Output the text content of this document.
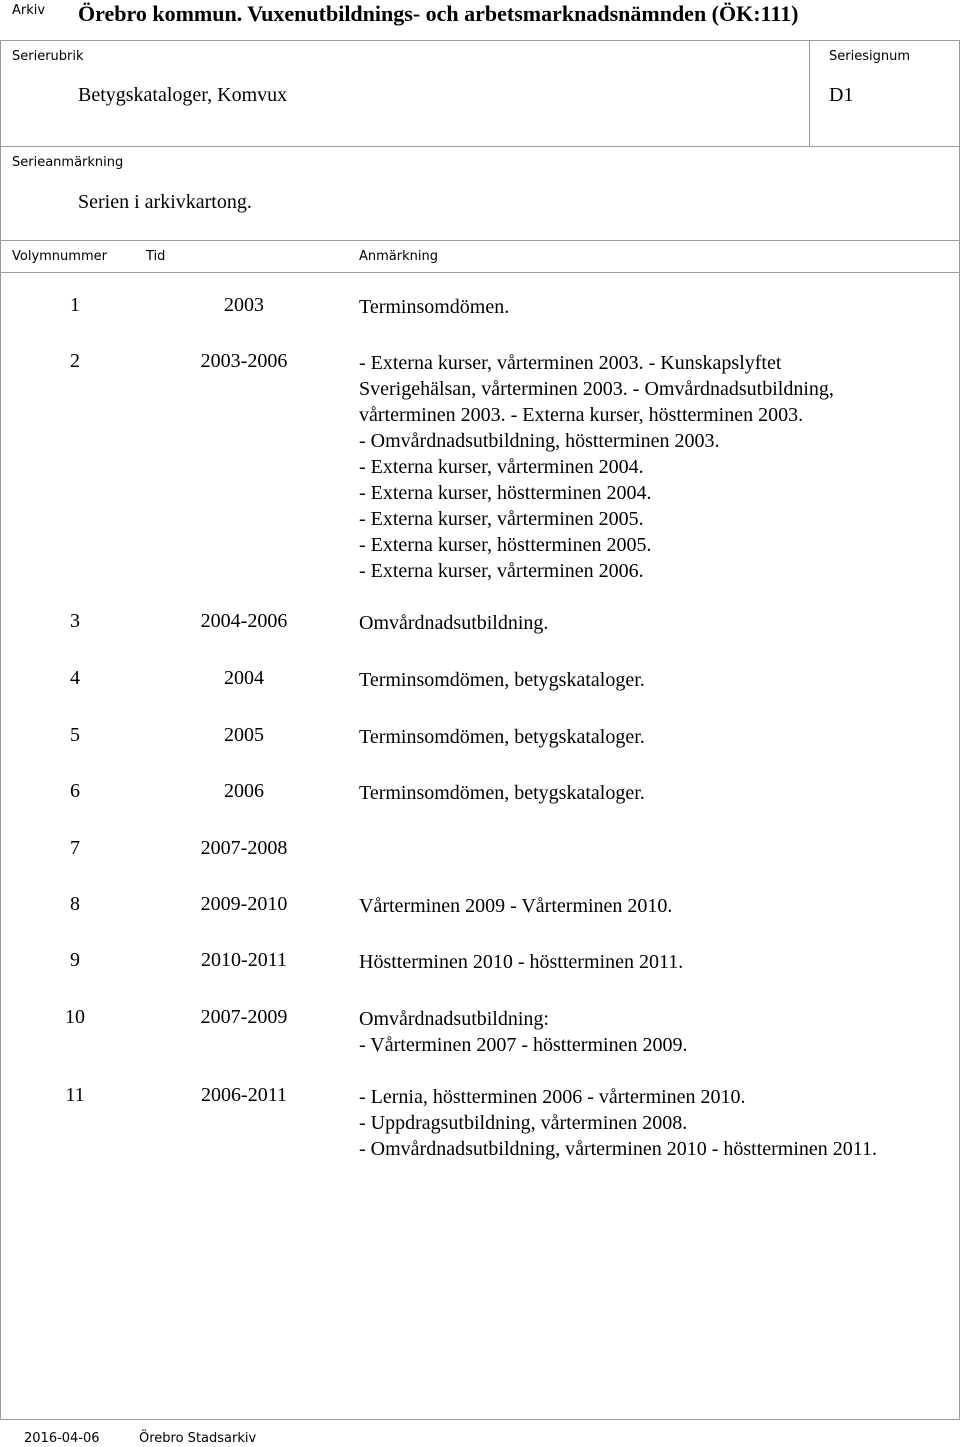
Arkiv Örebro kommun. Vuxenutbildnings- och arbetsmarknadsnämnden (ÖK:111)
Serierubrik
Betygskataloger, Komvux
Seriesignum
D1
Serieanmärkning
Serien i arkivkartong.
Volymnummer	Tid	Anmärkning
1	2003	Terminsomdömen.
2	2003-2006	- Externa kurser, vårterminen 2003. - Kunskapslyftet
Sverigehälsan, vårterminen 2003. - Omvårdnadsutbildning,
vårterminen 2003. - Externa kurser, höstterminen 2003.
- Omvårdnadsutbildning, höstterminen 2003.
- Externa kurser, vårterminen 2004.
- Externa kurser, höstterminen 2004.
- Externa kurser, vårterminen 2005.
- Externa kurser, höstterminen 2005.
- Externa kurser, vårterminen 2006.
3	2004-2006	Omvårdnadsutbildning.
4	2004	Terminsomdömen, betygskataloger.
5	2005	Terminsomdömen, betygskataloger.
6	2006	Terminsomdömen, betygskataloger.
7	2007-2008
8	2009-2010	Vårterminen 2009 - Vårterminen 2010.
9	2010-2011	Höstterminen 2010 - höstterminen 2011.
10	2007-2009	Omvårdnadsutbildning:
- Vårterminen 2007 - höstterminen 2009.
11	2006-2011	- Lernia, höstterminen 2006 - vårterminen 2010.
- Uppdragsutbildning, vårterminen 2008.
- Omvårdnadsutbildning, vårterminen 2010 - höstterminen 2011.
2016-04-06	Örebro Stadsarkiv
